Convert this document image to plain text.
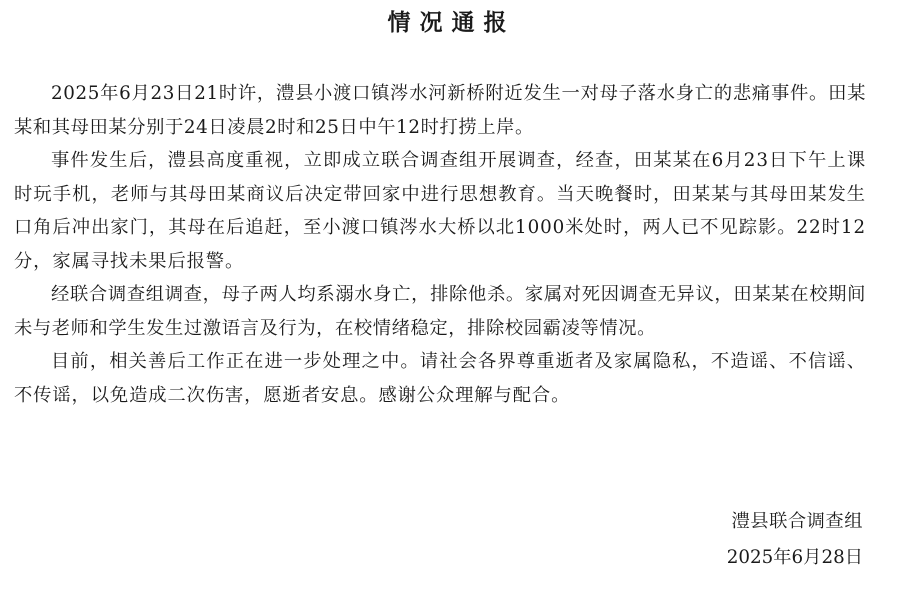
情况通报

2025年6月23日21时许，澧县小渡口镇涔水河新桥附近发生一对母子落水身亡的悲痛事件。田某某和其母田某分别于24日凌晨2时和25日中午12时打捞上岸。

事件发生后，澧县高度重视，立即成立联合调查组开展调查，经查，田某某在6月23日下午上课时玩手机，老师与其母田某商议后决定带回家中进行思想教育。当天晚餐时，田某某与其母田某发生口角后冲出家门，其母在后追赶，至小渡口镇涔水大桥以北1000米处时，两人已不见踪影。22时12分，家属寻找未果后报警。

经联合调查组调查，母子两人均系溺水身亡，排除他杀。家属对死因调查无异议，田某某在校期间未与老师和学生发生过激语言及行为，在校情绪稳定，排除校园霸凌等情况。

目前，相关善后工作正在进一步处理之中。请社会各界尊重逝者及家属隐私，不造谣、不信谣、不传谣，以免造成二次伤害，愿逝者安息。感谢公众理解与配合。

澧县联合调查组
2025年6月28日
